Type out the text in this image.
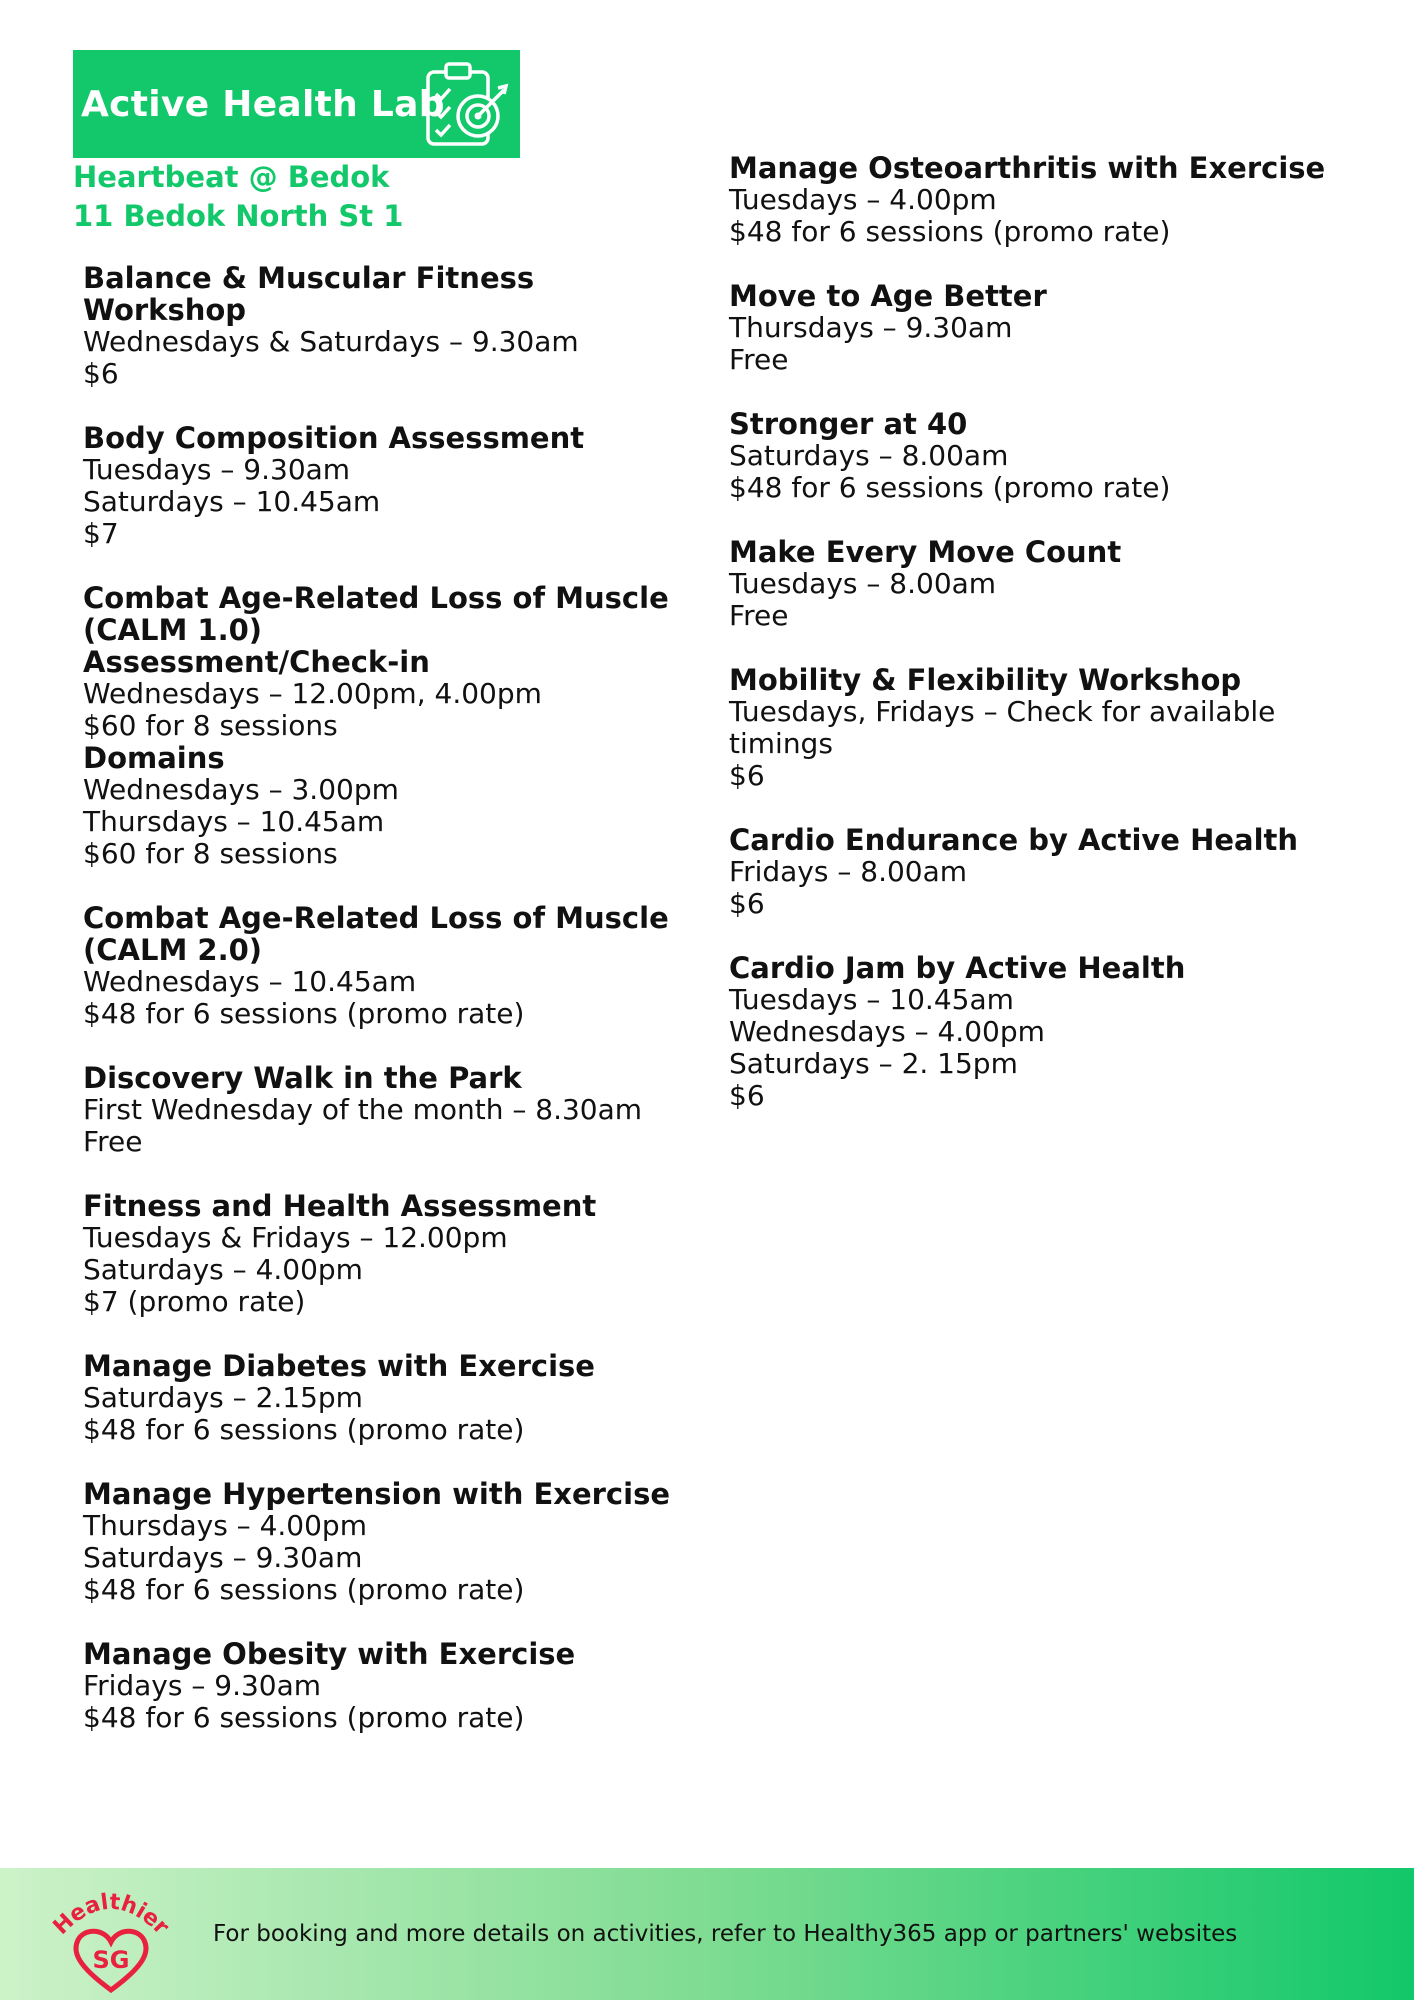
Active Health Lab
Heartbeat @ Bedok
11 Bedok North St 1
Balance & Muscular Fitness Workshop
Wednesdays & Saturdays – 9.30am
$6
Body Composition Assessment
Tuesdays – 9.30am
Saturdays – 10.45am
$7
Combat Age-Related Loss of Muscle (CALM 1.0)
Assessment/Check-in
Wednesdays – 12.00pm, 4.00pm
$60 for 8 sessions
Domains
Wednesdays – 3.00pm
Thursdays – 10.45am
$60 for 8 sessions
Combat Age-Related Loss of Muscle (CALM 2.0)
Wednesdays – 10.45am
$48 for 6 sessions (promo rate)
Discovery Walk in the Park
First Wednesday of the month – 8.30am
Free
Fitness and Health Assessment
Tuesdays & Fridays – 12.00pm
Saturdays – 4.00pm
$7 (promo rate)
Manage Diabetes with Exercise
Saturdays – 2.15pm
$48 for 6 sessions (promo rate)
Manage Hypertension with Exercise
Thursdays – 4.00pm
Saturdays – 9.30am
$48 for 6 sessions (promo rate)
Manage Obesity with Exercise
Fridays – 9.30am
$48 for 6 sessions (promo rate)
Manage Osteoarthritis with Exercise
Tuesdays – 4.00pm
$48 for 6 sessions (promo rate)
Move to Age Better
Thursdays – 9.30am
Free
Stronger at 40
Saturdays – 8.00am
$48 for 6 sessions (promo rate)
Make Every Move Count
Tuesdays – 8.00am
Free
Mobility & Flexibility Workshop
Tuesdays, Fridays – Check for available timings
$6
Cardio Endurance by Active Health
Fridays – 8.00am
$6
Cardio Jam by Active Health
Tuesdays – 10.45am
Wednesdays – 4.00pm
Saturdays – 2. 15pm
$6
Healthier
SG
For booking and more details on activities, refer to Healthy365 app or partners' websites
